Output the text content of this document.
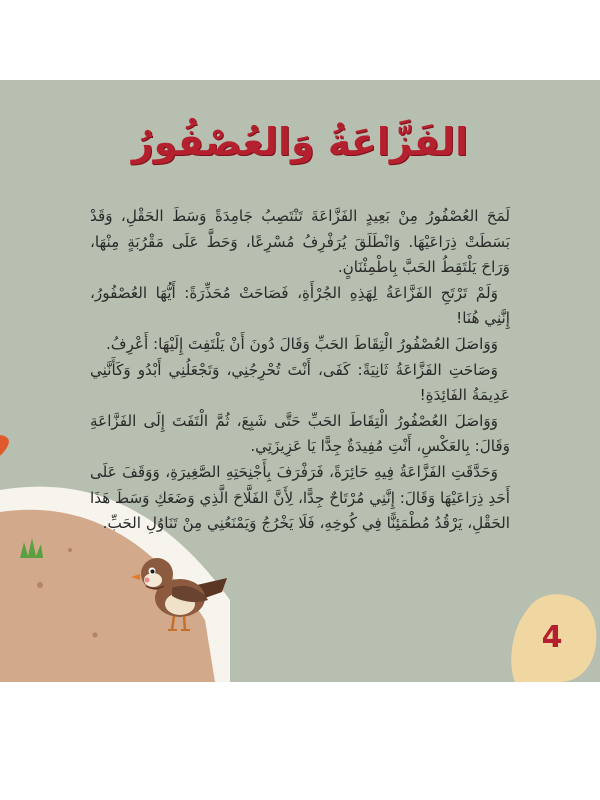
الفَزَّاعَةُ وَالعُصْفُورُ

لَمَحَ العُصْفُورُ مِنْ بَعِيدٍ الفَزَّاعَةَ تَنْتَصِبُ جَامِدَةً وَسَطَ الحَقْلِ، وَقَدْ بَسَطَتْ ذِرَاعَيْهَا. وَانْطَلَقَ يُرَفْرِفُ مُسْرِعًا، وَحَطَّ عَلَى مَقْرُبَةٍ مِنْهَا، وَرَاحَ يَلْتَقِطُ الحَبَّ بِاطْمِئْنَانٍ.

وَلَمْ تَرْتَحِ الفَزَّاعَةُ لِهَذِهِ الجُرْأَةِ، فَصَاحَتْ مُحَذِّرَةً: أَيُّهَا العُصْفُورُ، إِنَّنِي هُنَا!

وَوَاصَلَ العُصْفُورُ الْتِقَاطَ الحَبِّ وَقَالَ دُونَ أَنْ يَلْتَفِتَ إِلَيْهَا: أَعْرِفُ.

وَصَاحَتِ الفَزَّاعَةُ ثَانِيَةً: كَفَى، أَنْتَ تُحْرِجُنِي، وَتَجْعَلُنِي أَبْدُو وَكَأَنَّنِي عَدِيمَةُ الفَائِدَةِ!

وَوَاصَلَ العُصْفُورُ الْتِقَاطَ الحَبِّ حَتَّى شَبِعَ، ثُمَّ الْتَفَتَ إِلَى الفَزَّاعَةِ وَقَالَ: بِالعَكْسِ، أَنْتِ مُفِيدَةٌ جِدًّا يَا عَزِيزَتِي.

وَحَدَّقَتِ الفَزَّاعَةُ فِيهِ حَائِرَةً، فَرَفْرَفَ بِأَجْنِحَتِهِ الصَّغِيرَةِ، وَوَقَفَ عَلَى أَحَدِ ذِرَاعَيْهَا وَقَالَ: إِنَّنِي مُرْتَاحٌ جِدًّا، لِأَنَّ الفَلَّاحَ الَّذِي وَضَعَكِ وَسَطَ هَذَا الحَقْلِ، يَرْقُدُ مُطْمَئِنًّا فِي كُوخِهِ، فَلَا يَخْرُجُ وَيَمْنَعُنِي مِنْ تَنَاوُلِ الحَبِّ.

4
